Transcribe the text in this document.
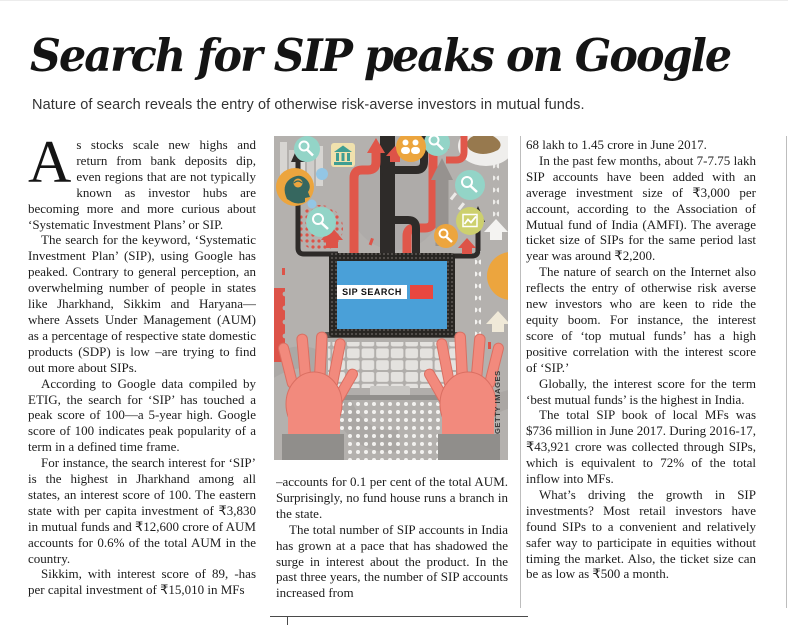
Search for SIP peaks on Google
Nature of search reveals the entry of otherwise risk-averse investors in mutual funds.

As stocks scale new highs and return from bank deposits dip, even regions that are not typically known as investor hubs are becoming more and more curious about ‘Systematic Investment Plans’ or SIP.

The search for the keyword, ‘Systematic Investment Plan’ (SIP), using Google has peaked. Contrary to general perception, an overwhelming number of people in states like Jharkhand, Sikkim and Haryana—where Assets Under Management (AUM) as a percentage of respective state domestic products (SDP) is low –are trying to find out more about SIPs.

According to Google data compiled by ETIG, the search for ‘SIP’ has touched a peak score of 100—a 5-year high. Google score of 100 indicates peak popularity of a term in a defined time frame.

For instance, the search interest for ‘SIP’ is the highest in Jharkhand among all states, an interest score of 100. The eastern state with per capita investment of ₹3,830 in mutual funds and ₹12,600 crore of AUM accounts for 0.6% of the total AUM in the country.

Sikkim, with interest score of 89, -has per capital investment of ₹15,010 in MFs

SIP SEARCH
GETTY IMAGES

–accounts for 0.1 per cent of the total AUM. Surprisingly, no fund house runs a branch in the state.

The total number of SIP accounts in India has grown at a pace that has shadowed the surge in interest about the product. In the past three years, the number of SIP accounts increased from

68 lakh to 1.45 crore in June 2017.

In the past few months, about 7-7.75 lakh SIP accounts have been added with an average investment size of ₹3,000 per account, according to the Association of Mutual fund of India (AMFI). The average ticket size of SIPs for the same period last year was around ₹2,200.

The nature of search on the Internet also reflects the entry of otherwise risk averse new investors who are keen to ride the equity boom. For instance, the interest score of ‘top mutual funds’ has a high positive correlation with the interest score of ‘SIP.’

Globally, the interest score for the term ‘best mutual funds’ is the highest in India.

The total SIP book of local MFs was $736 million in June 2017. During 2016-17, ₹43,921 crore was collected through SIPs, which is equivalent to 72% of the total inflow into MFs.

What’s driving the growth in SIP investments? Most retail investors have found SIPs to a convenient and relatively safer way to participate in equities without timing the market. Also, the ticket size can be as low as ₹500 a month.
